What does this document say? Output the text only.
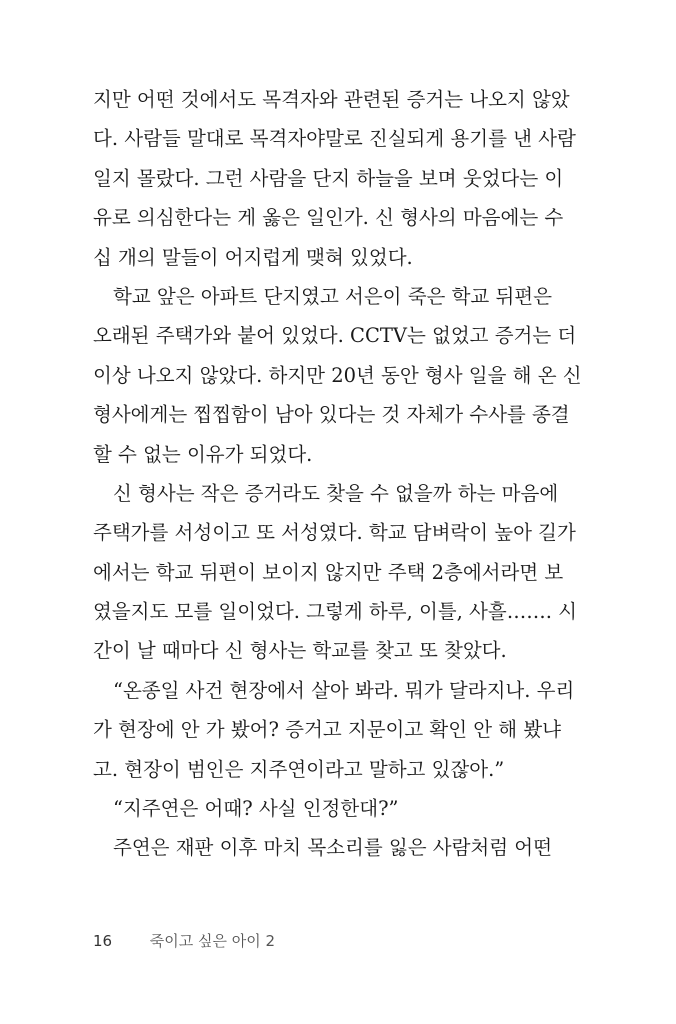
지만 어떤 것에서도 목격자와 관련된 증거는 나오지 않았
다. 사람들 말대로 목격자야말로 진실되게 용기를 낸 사람
일지 몰랐다. 그런 사람을 단지 하늘을 보며 웃었다는 이
유로 의심한다는 게 옳은 일인가. 신 형사의 마음에는 수
십 개의 말들이 어지럽게 맺혀 있었다.
학교 앞은 아파트 단지였고 서은이 죽은 학교 뒤편은
오래된 주택가와 붙어 있었다. CCTV는 없었고 증거는 더
이상 나오지 않았다. 하지만 20년 동안 형사 일을 해 온 신
형사에게는 찝찝함이 남아 있다는 것 자체가 수사를 종결
할 수 없는 이유가 되었다.
신 형사는 작은 증거라도 찾을 수 없을까 하는 마음에
주택가를 서성이고 또 서성였다. 학교 담벼락이 높아 길가
에서는 학교 뒤편이 보이지 않지만 주택 2층에서라면 보
였을지도 모를 일이었다. 그렇게 하루, 이틀, 사흘……. 시
간이 날 때마다 신 형사는 학교를 찾고 또 찾았다.
“온종일 사건 현장에서 살아 봐라. 뭐가 달라지나. 우리
가 현장에 안 가 봤어? 증거고 지문이고 확인 안 해 봤냐
고. 현장이 범인은 지주연이라고 말하고 있잖아.”
“지주연은 어때? 사실 인정한대?”
주연은 재판 이후 마치 목소리를 잃은 사람처럼 어떤
16	죽이고 싶은 아이 2
